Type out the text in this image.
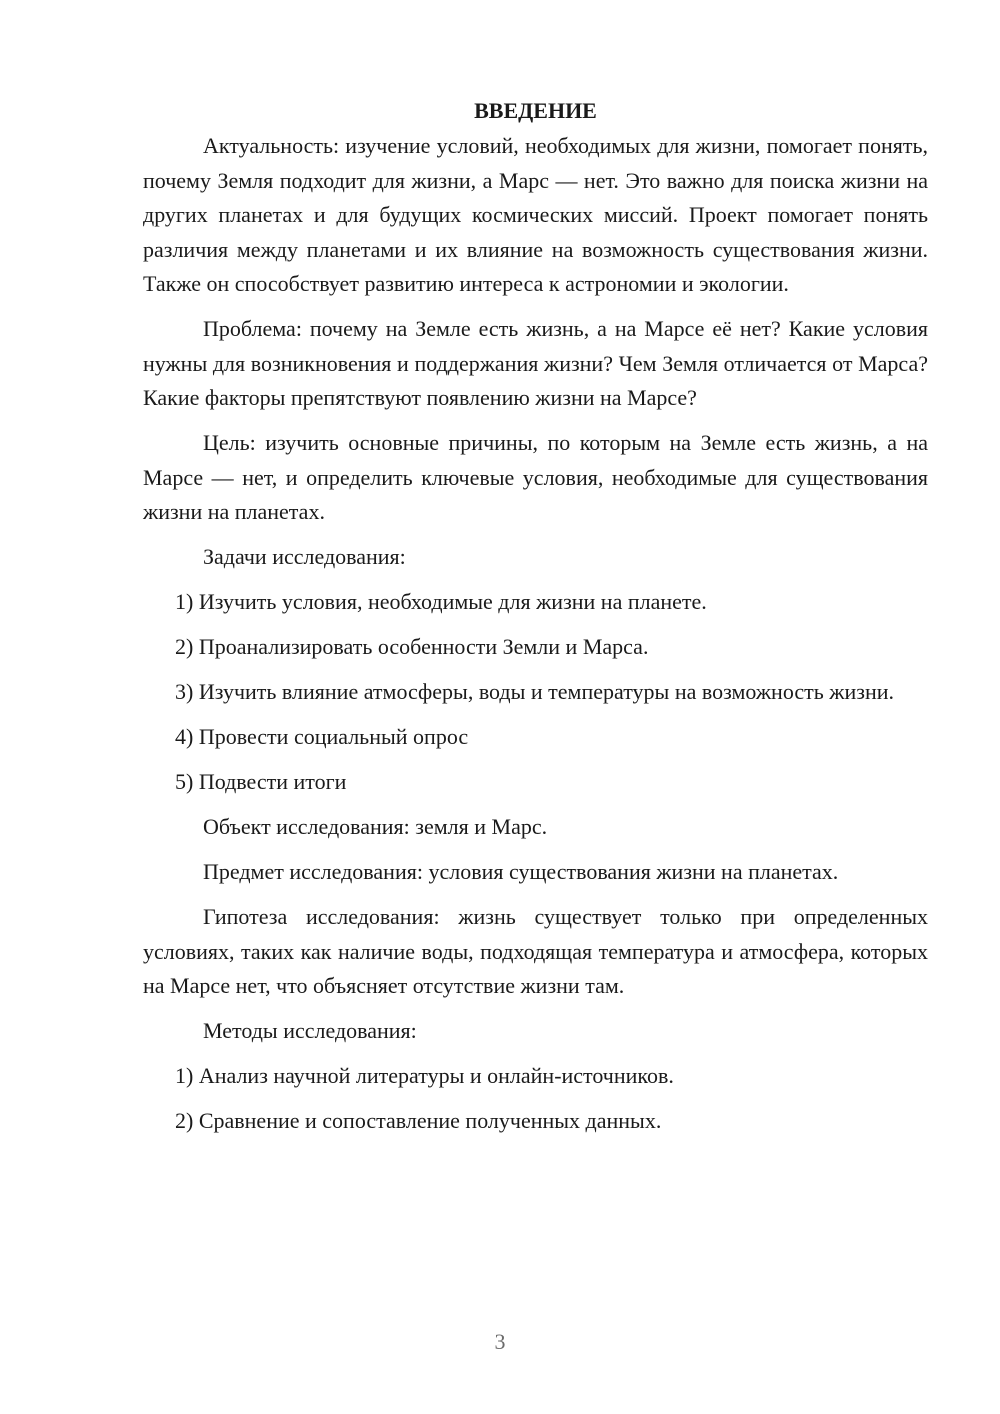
ВВЕДЕНИЕ

Актуальность: изучение условий, необходимых для жизни, помогает понять, почему Земля подходит для жизни, а Марс — нет. Это важно для поиска жизни на других планетах и для будущих космических миссий. Проект помогает понять различия между планетами и их влияние на возможность существования жизни. Также он способствует развитию интереса к астрономии и экологии.

Проблема: почему на Земле есть жизнь, а на Марсе её нет? Какие условия нужны для возникновения и поддержания жизни? Чем Земля отличается от Марса? Какие факторы препятствуют появлению жизни на Марсе?

Цель: изучить основные причины, по которым на Земле есть жизнь, а на Марсе — нет, и определить ключевые условия, необходимые для существования жизни на планетах.

Задачи исследования:

1) Изучить условия, необходимые для жизни на планете.

2) Проанализировать особенности Земли и Марса.

3) Изучить влияние атмосферы, воды и температуры на возможность жизни.

4) Провести социальный опрос

5) Подвести итоги

Объект исследования: земля и Марс.

Предмет исследования: условия существования жизни на планетах.

Гипотеза исследования: жизнь существует только при определенных условиях, таких как наличие воды, подходящая температура и атмосфера, которых на Марсе нет, что объясняет отсутствие жизни там.

Методы исследования:

1) Анализ научной литературы и онлайн-источников.

2) Сравнение и сопоставление полученных данных.

3
